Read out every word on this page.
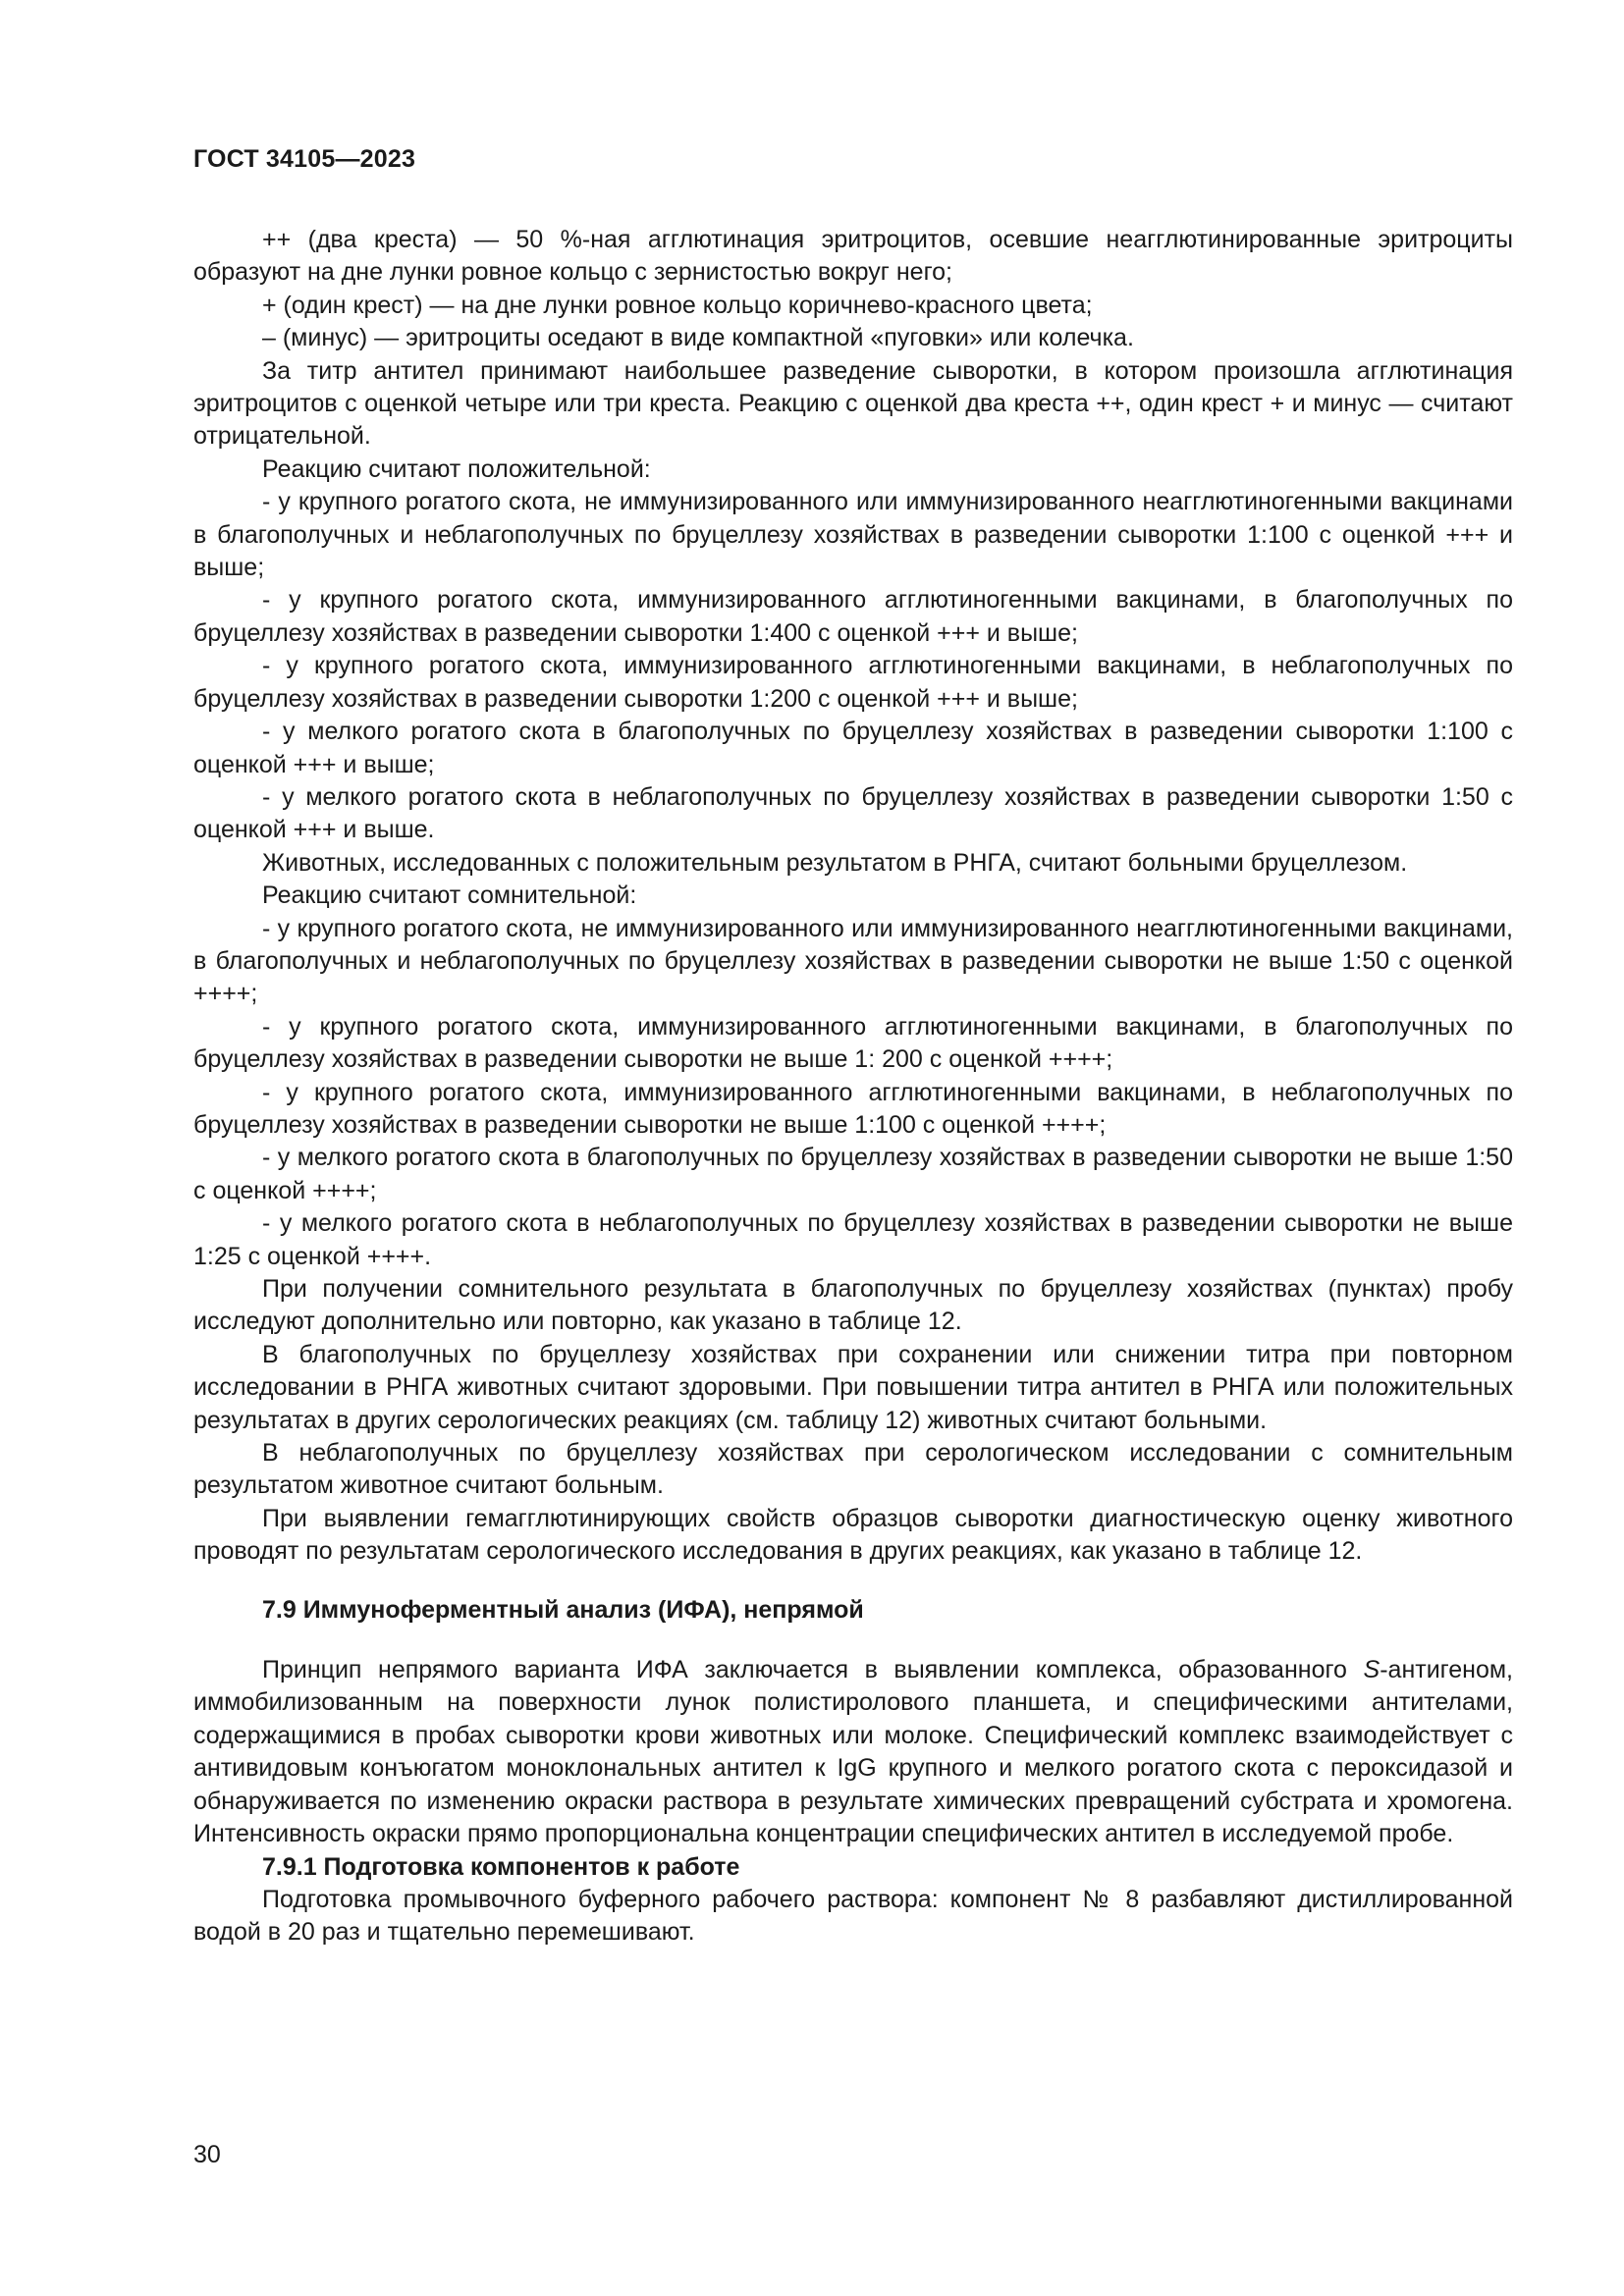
ГОСТ 34105—2023

++ (два креста) — 50 %-ная агглютинация эритроцитов, осевшие неагглютинированные эритроциты образуют на дне лунки ровное кольцо с зернистостью вокруг него;

+ (один крест) — на дне лунки ровное кольцо коричнево-красного цвета;

– (минус) — эритроциты оседают в виде компактной «пуговки» или колечка.

За титр антител принимают наибольшее разведение сыворотки, в котором произошла агглютинация эритроцитов с оценкой четыре или три креста. Реакцию с оценкой два креста ++, один крест + и минус — считают отрицательной.

Реакцию считают положительной:

- у крупного рогатого скота, не иммунизированного или иммунизированного неагглютиногенными вакцинами в благополучных и неблагополучных по бруцеллезу хозяйствах в разведении сыворотки 1:100 с оценкой +++ и выше;

- у крупного рогатого скота, иммунизированного агглютиногенными вакцинами, в благополучных по бруцеллезу хозяйствах в разведении сыворотки 1:400 с оценкой +++ и выше;

- у крупного рогатого скота, иммунизированного агглютиногенными вакцинами, в неблагополучных по бруцеллезу хозяйствах в разведении сыворотки 1:200 с оценкой +++ и выше;

- у мелкого рогатого скота в благополучных по бруцеллезу хозяйствах в разведении сыворотки 1:100 с оценкой +++ и выше;

- у мелкого рогатого скота в неблагополучных по бруцеллезу хозяйствах в разведении сыворотки 1:50 с оценкой +++ и выше.

Животных, исследованных с положительным результатом в РНГА, считают больными бруцеллезом.

Реакцию считают сомнительной:

- у крупного рогатого скота, не иммунизированного или иммунизированного неагглютиногенными вакцинами, в благополучных и неблагополучных по бруцеллезу хозяйствах в разведении сыворотки не выше 1:50 с оценкой ++++;

- у крупного рогатого скота, иммунизированного агглютиногенными вакцинами, в благополучных по бруцеллезу хозяйствах в разведении сыворотки не выше 1: 200 с оценкой ++++;

- у крупного рогатого скота, иммунизированного агглютиногенными вакцинами, в неблагополучных по бруцеллезу хозяйствах в разведении сыворотки не выше 1:100 с оценкой ++++;

- у мелкого рогатого скота в благополучных по бруцеллезу хозяйствах в разведении сыворотки не выше 1:50 с оценкой ++++;

- у мелкого рогатого скота в неблагополучных по бруцеллезу хозяйствах в разведении сыворотки не выше 1:25 с оценкой ++++.

При получении сомнительного результата в благополучных по бруцеллезу хозяйствах (пунктах) пробу исследуют дополнительно или повторно, как указано в таблице 12.

В благополучных по бруцеллезу хозяйствах при сохранении или снижении титра при повторном исследовании в РНГА животных считают здоровыми. При повышении титра антител в РНГА или положительных результатах в других серологических реакциях (см. таблицу 12) животных считают больными.

В неблагополучных по бруцеллезу хозяйствах при серологическом исследовании с сомнительным результатом животное считают больным.

При выявлении гемагглютинирующих свойств образцов сыворотки диагностическую оценку животного проводят по результатам серологического исследования в других реакциях, как указано в таблице 12.

7.9 Иммуноферментный анализ (ИФА), непрямой

Принцип непрямого варианта ИФА заключается в выявлении комплекса, образованного S-антигеном, иммобилизованным на поверхности лунок полистиролового планшета, и специфическими антителами, содержащимися в пробах сыворотки крови животных или молоке. Специфический комплекс взаимодействует с антивидовым конъюгатом моноклональных антител к IgG крупного и мелкого рогатого скота с пероксидазой и обнаруживается по изменению окраски раствора в результате химических превращений субстрата и хромогена. Интенсивность окраски прямо пропорциональна концентрации специфических антител в исследуемой пробе.

7.9.1 Подготовка компонентов к работе

Подготовка промывочного буферного рабочего раствора: компонент № 8 разбавляют дистиллированной водой в 20 раз и тщательно перемешивают.

30
